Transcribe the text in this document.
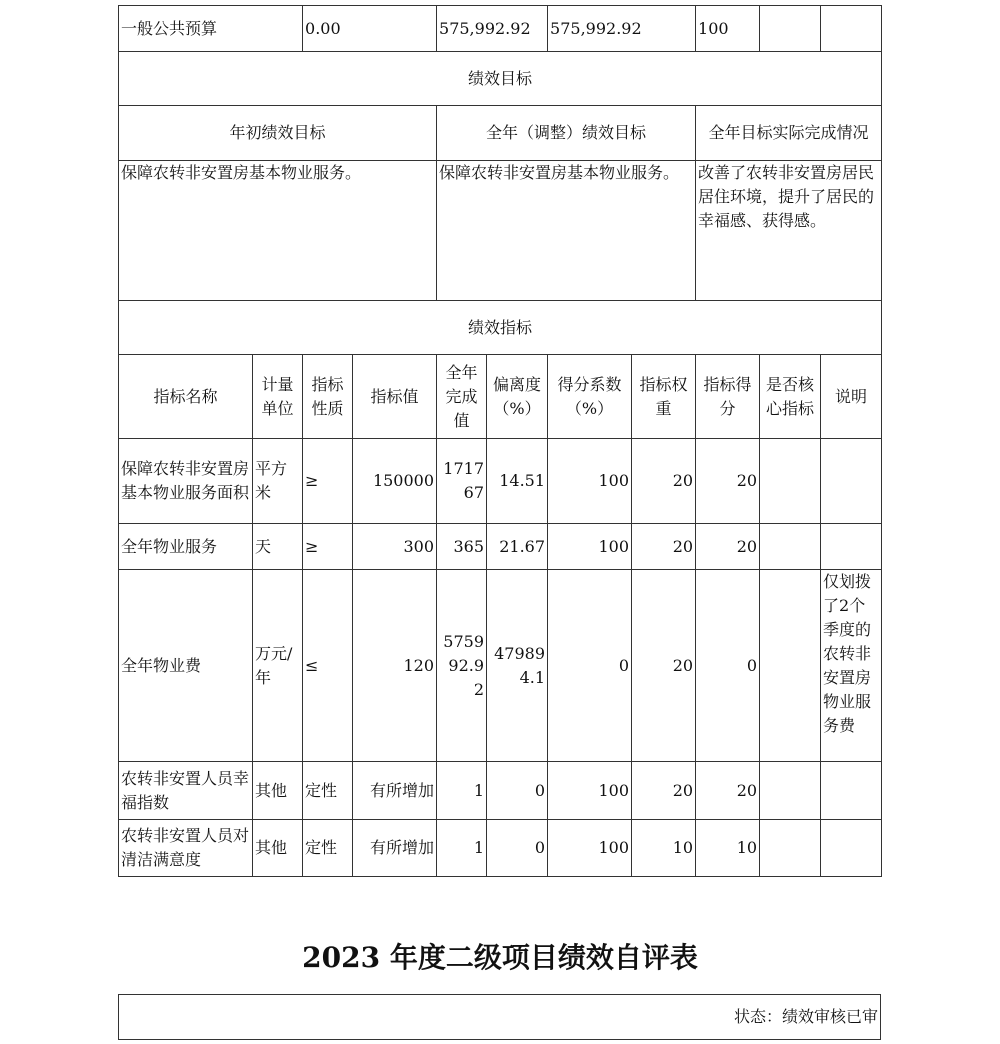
一般公共预算		0.00		575,992.92		575,992.92		100		
绩效目标										
年初绩效目标				全年（调整）绩效目标				全年目标实际完成情况		
保障农转非安置房基本物业服务。				保障农转非安置房基本物业服务。				改善了农转非安置房居民居住环境，提升了居民的幸福感、获得感。		
绩效指标										
指标名称	计量单位	指标性质	指标值	全年完成值	偏离度（%）	得分系数（%）	指标权重	指标得分	是否核心指标	说明
保障农转非安置房基本物业服务面积	平方米	≥	150000	171767	14.51	100	20	20		
全年物业服务	天	≥	300	365	21.67	100	20	20		
全年物业费	万元/年	≤	120	575992.92	479894.1	0	20	0		仅划拨了2个季度的农转非安置房物业服务费
农转非安置人员幸福指数	其他	定性	有所增加	1	0	100	20	20		
农转非安置人员对清洁满意度	其他	定性	有所增加	1	0	100	10	10		
2023 年度二级项目绩效自评表
状态：绩效审核已审
